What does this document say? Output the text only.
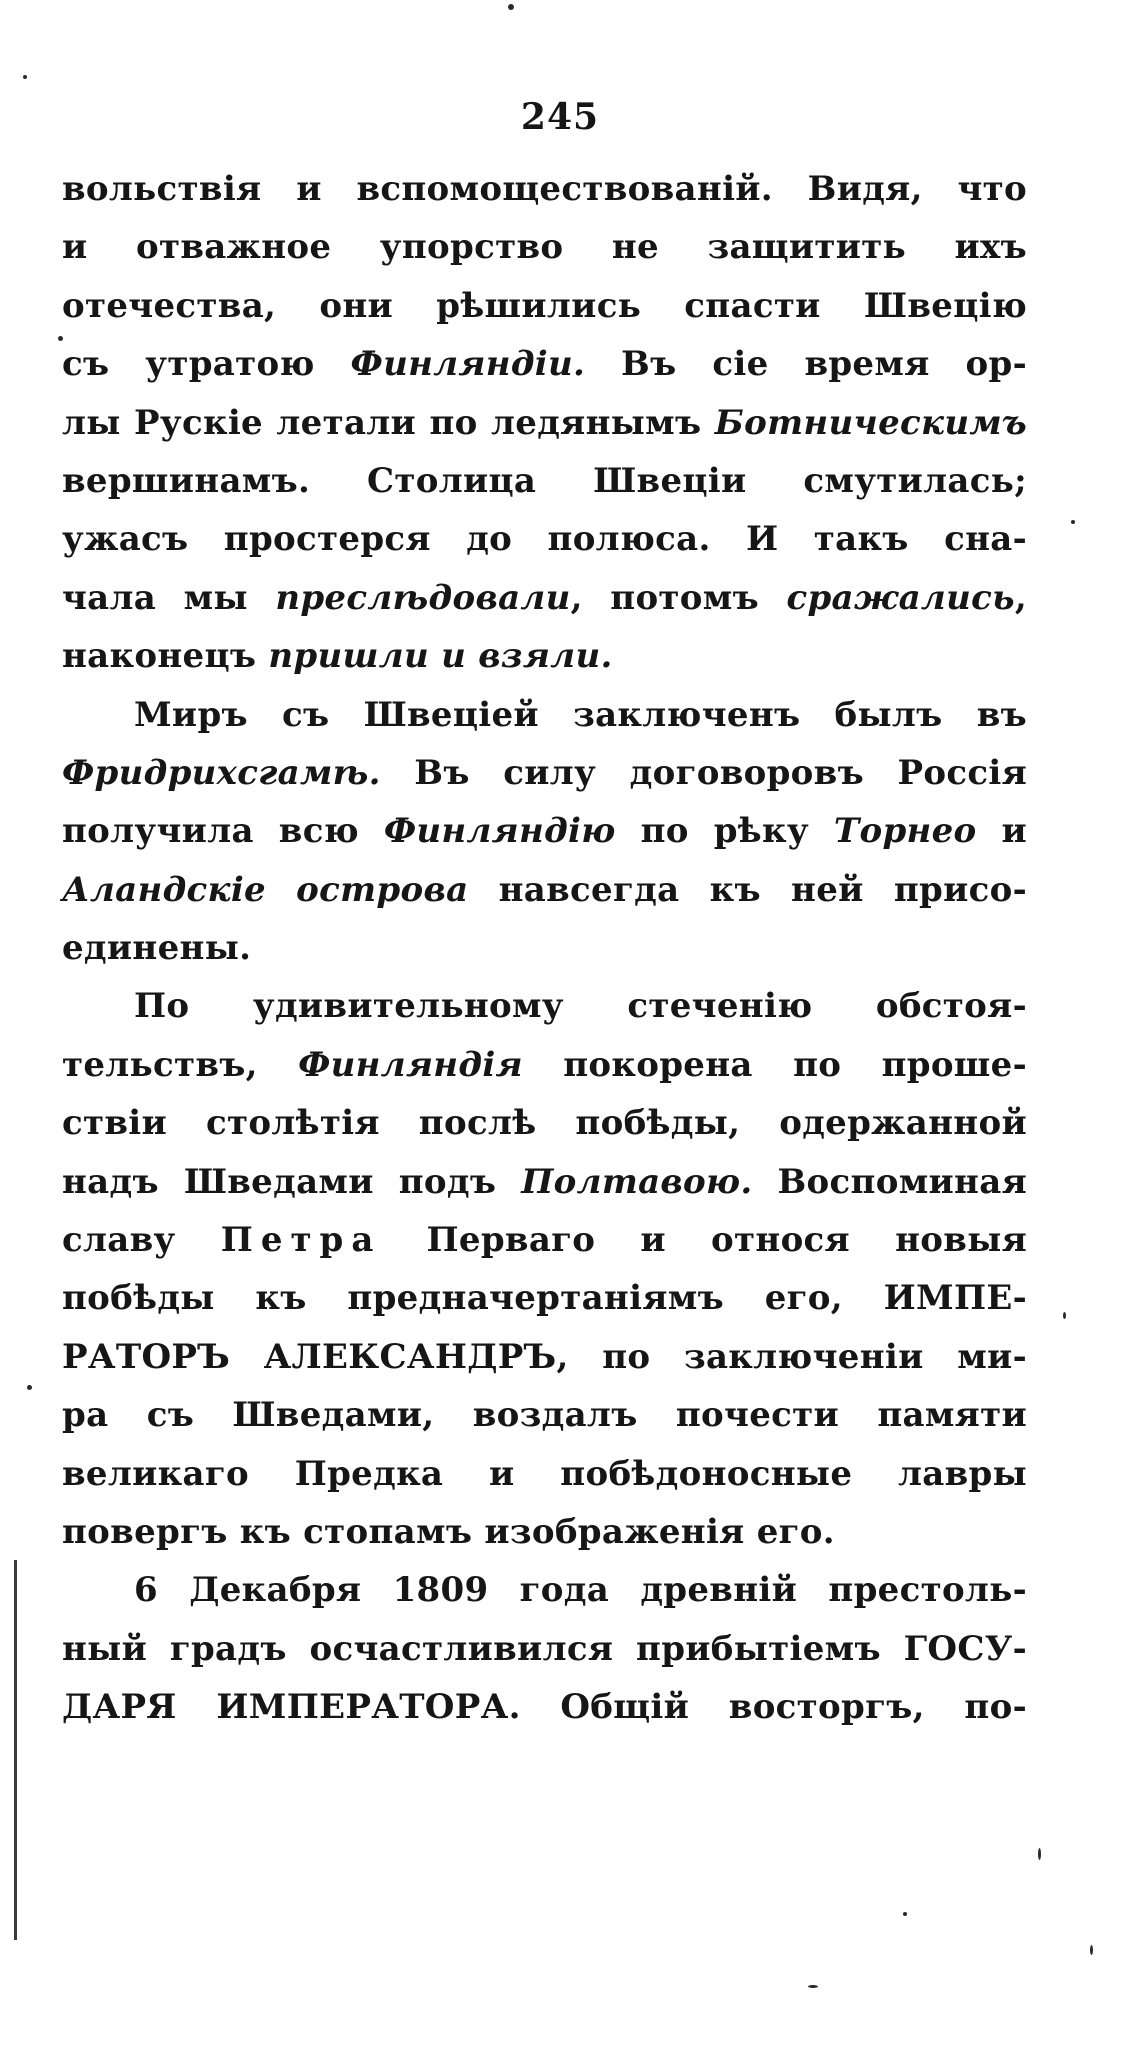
245
вольствія и вспомоществованій. Видя, что
и отважное упорство не защитить ихъ
отечества, они рѣшились спасти Швецію
съ утратою Финляндіи. Въ сіе время ор-
лы Рускіе летали по ледянымъ Ботническимъ
вершинамъ. Столица Швеціи смутилась;
ужасъ простерся до полюса. И такъ сна-
чала мы преслѣдовали, потомъ сражались,
наконецъ пришли и взяли.
Миръ съ Швеціей заключенъ былъ въ
Фридрихсгамѣ. Въ силу договоровъ Россія
получила всю Финляндію по рѣку Торнео и
Аландскіе острова навсегда къ ней присо-
единены.
По удивительному стеченію обстоя-
тельствъ, Финляндія покорена по проше-
ствіи столѣтія послѣ побѣды, одержанной
надъ Шведами подъ Полтавою. Воспоминая
славу Петра Перваго и относя новыя
побѣды къ предначертаніямъ его, ИМПЕ-
РАТОРЪ АЛЕКСАНДРЪ, по заключеніи ми-
ра съ Шведами, воздалъ почести памяти
великаго Предка и побѣдоносные лавры
повергъ къ стопамъ изображенія его.
6 Декабря 1809 года древній престоль-
ный градъ осчастливился прибытіемъ ГОСУ-
ДАРЯ ИМПЕРАТОРА. Общій восторгъ, по-
